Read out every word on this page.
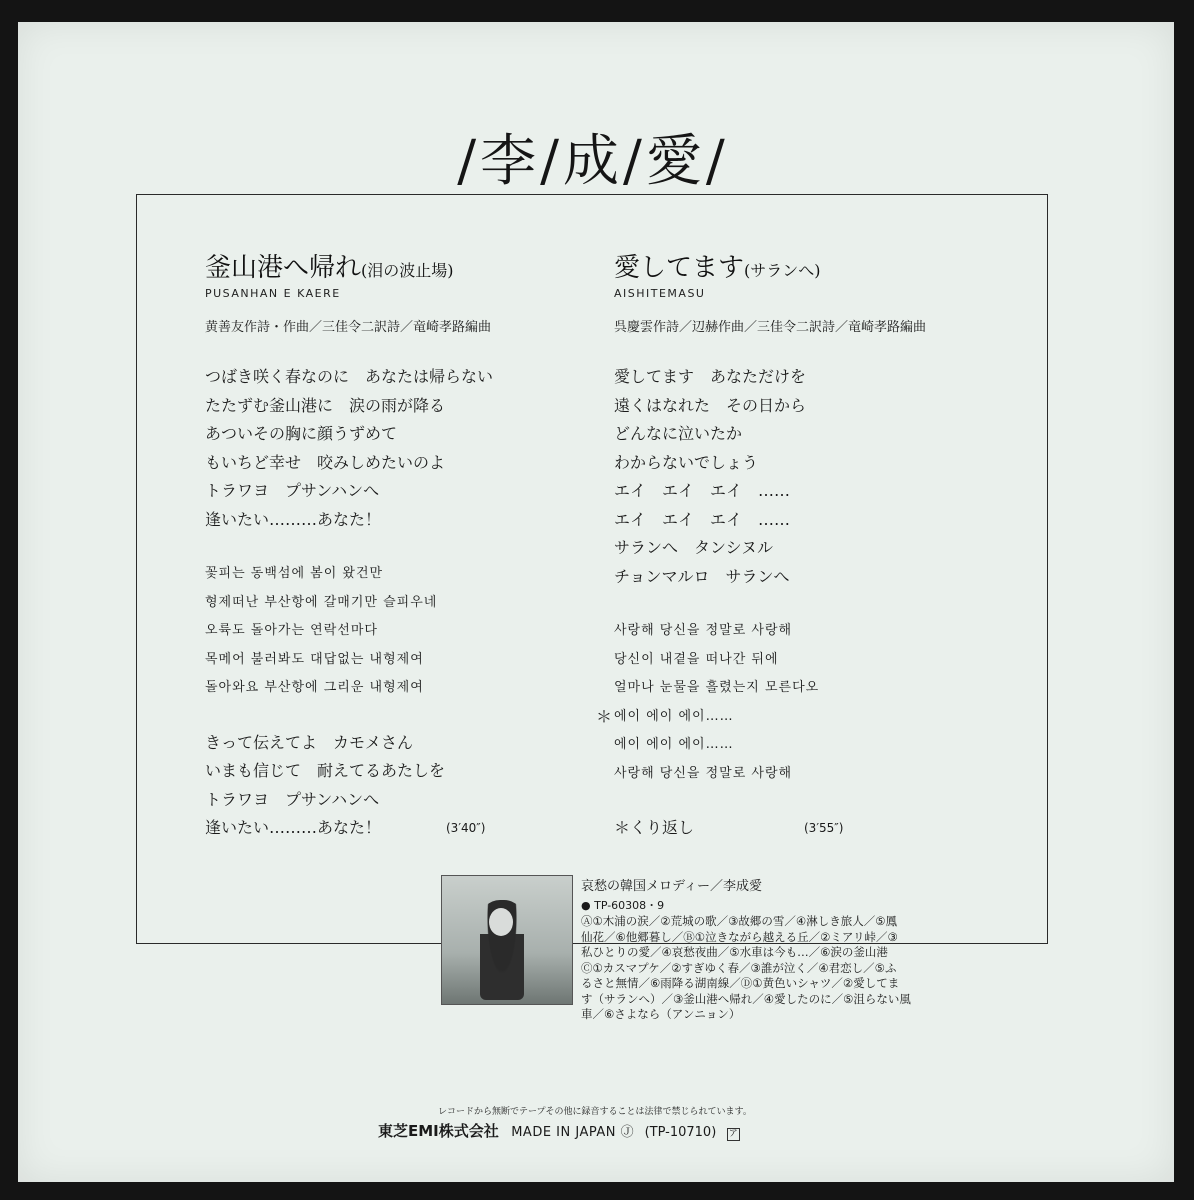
/李/成/愛/
釜山港へ帰れ(泪の波止場)
PUSANHAN E KAERE
黄善友作詩・作曲／三佳令二訳詩／竜崎孝路編曲
つばき咲く春なのに　あなたは帰らない
たたずむ釜山港に　涙の雨が降る
あついその胸に顔うずめて
もいちど幸せ　咬みしめたいのよ
トラワヨ　プサンハンへ
逢いたい………あなた！
꽃피는 동백섬에 봄이 왔건만
형제떠난 부산항에 갈매기만 슬피우네
오륙도 돌아가는 연락선마다
목메어 불러봐도 대답없는 내형제여
돌아와요 부산항에 그리운 내형제여
きって伝えてよ　カモメさん
いまも信じて　耐えてるあたしを
トラワヨ　プサンハンへ
逢いたい………あなた！	(3′40″)
愛してます(サランへ)
AISHITEMASU
呉慶雲作詩／辺赫作曲／三佳令二訳詩／竜崎孝路編曲
愛してます　あなただけを
遠くはなれた　その日から
どんなに泣いたか
わからないでしょう
エイ　エイ　エイ　……
エイ　エイ　エイ　……
サランへ　タンシヌル
チョンマルロ　サランへ
사랑해 당신을 정말로 사랑해
당신이 내곁을 떠나간 뒤에
얼마나 눈물을 흘렸는지 모른다오
＊ 에이 에이 에이……
에이 에이 에이……
사랑해 당신을 정말로 사랑해
＊くり返し	(3′55″)
哀愁の韓国メロディー／李成愛
● TP-60308・9
Ⓐ①木浦の涙／②荒城の歌／③故郷の雪／④淋しき旅人／⑤鳳
仙花／⑥他郷暮し／Ⓑ①泣きながら越える丘／②ミアリ峠／③
私ひとりの愛／④哀愁夜曲／⑤水車は今も…／⑥涙の釜山港
Ⓒ①カスマプケ／②すぎゆく春／③誰が泣く／④君恋し／⑤ふ
るさと無情／⑥雨降る湖南線／Ⓓ①黄色いシャツ／②愛してま
す（サランへ）／③釜山港へ帰れ／④愛したのに／⑤沮らない風
車／⑥さよなら（アンニョン）
レコードから無断でテープその他に録音することは法律で禁じられています。
東芝EMI株式会社 MADE IN JAPAN Ⓙ (TP-10710) ア
